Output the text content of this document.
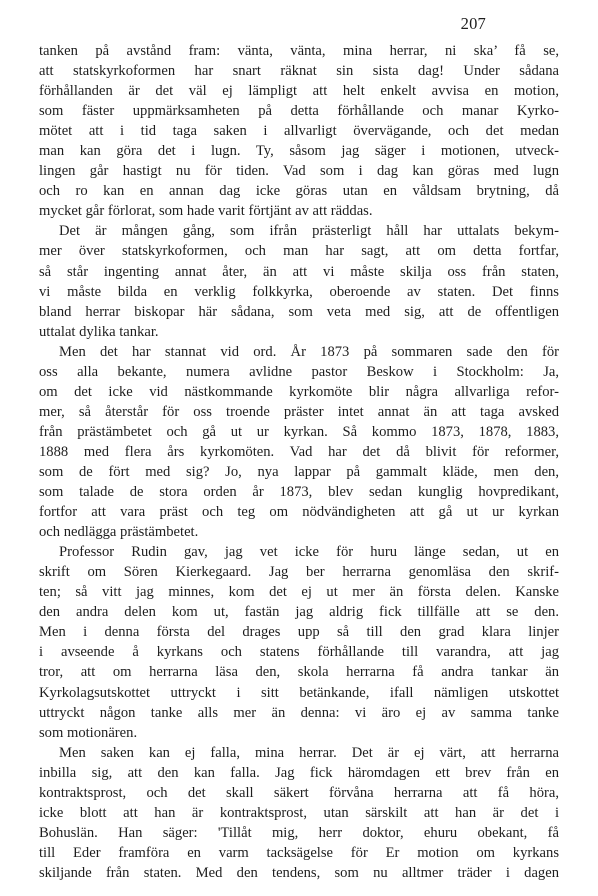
207
tanken på avstånd fram: vänta, vänta, mina herrar, ni ska’ få se,
att statskyrkoformen har snart räknat sin sista dag! Under sådana
förhållanden är det väl ej lämpligt att helt enkelt avvisa en motion,
som fäster uppmärksamheten på detta förhållande och manar Kyrko-
mötet att i tid taga saken i allvarligt övervägande, och det medan
man kan göra det i lugn. Ty, såsom jag säger i motionen, utveck-
lingen går hastigt nu för tiden. Vad som i dag kan göras med lugn
och ro kan en annan dag icke göras utan en våldsam brytning, då
mycket går förlorat, som hade varit förtjänt av att räddas.
Det är mången gång, som ifrån prästerligt håll har uttalats bekym-
mer över statskyrkoformen, och man har sagt, att om detta fortfar,
så står ingenting annat åter, än att vi måste skilja oss från staten,
vi måste bilda en verklig folkkyrka, oberoende av staten. Det finns
bland herrar biskopar här sådana, som veta med sig, att de offentligen
uttalat dylika tankar.
Men det har stannat vid ord. År 1873 på sommaren sade den för
oss alla bekante, numera avlidne pastor Beskow i Stockholm: Ja,
om det icke vid nästkommande kyrkomöte blir några allvarliga refor-
mer, så återstår för oss troende präster intet annat än att taga avsked
från prästämbetet och gå ut ur kyrkan. Så kommo 1873, 1878, 1883,
1888 med flera års kyrkomöten. Vad har det då blivit för reformer,
som de fört med sig? Jo, nya lappar på gammalt kläde, men den,
som talade de stora orden år 1873, blev sedan kunglig hovpredikant,
fortfor att vara präst och teg om nödvändigheten att gå ut ur kyrkan
och nedlägga prästämbetet.
Professor Rudin gav, jag vet icke för huru länge sedan, ut en
skrift om Sören Kierkegaard. Jag ber herrarna genomläsa den skrif-
ten; så vitt jag minnes, kom det ej ut mer än första delen. Kanske
den andra delen kom ut, fastän jag aldrig fick tillfälle att se den.
Men i denna första del drages upp så till den grad klara linjer
i avseende å kyrkans och statens förhållande till varandra, att jag
tror, att om herrarna läsa den, skola herrarna få andra tankar än
Kyrkolagsutskottet uttryckt i sitt betänkande, ifall nämligen utskottet
uttryckt någon tanke alls mer än denna: vi äro ej av samma tanke
som motionären.
Men saken kan ej falla, mina herrar. Det är ej värt, att herrarna
inbilla sig, att den kan falla. Jag fick häromdagen ett brev från en
kontraktsprost, och det skall säkert förvåna herrarna att få höra,
icke blott att han är kontraktsprost, utan särskilt att han är det i
Bohuslän. Han säger: 'Tillåt mig, herr doktor, ehuru obekant, få
till Eder framföra en varm tacksägelse för Er motion om kyrkans
skiljande från staten. Med den tendens, som nu alltmer träder i dagen
